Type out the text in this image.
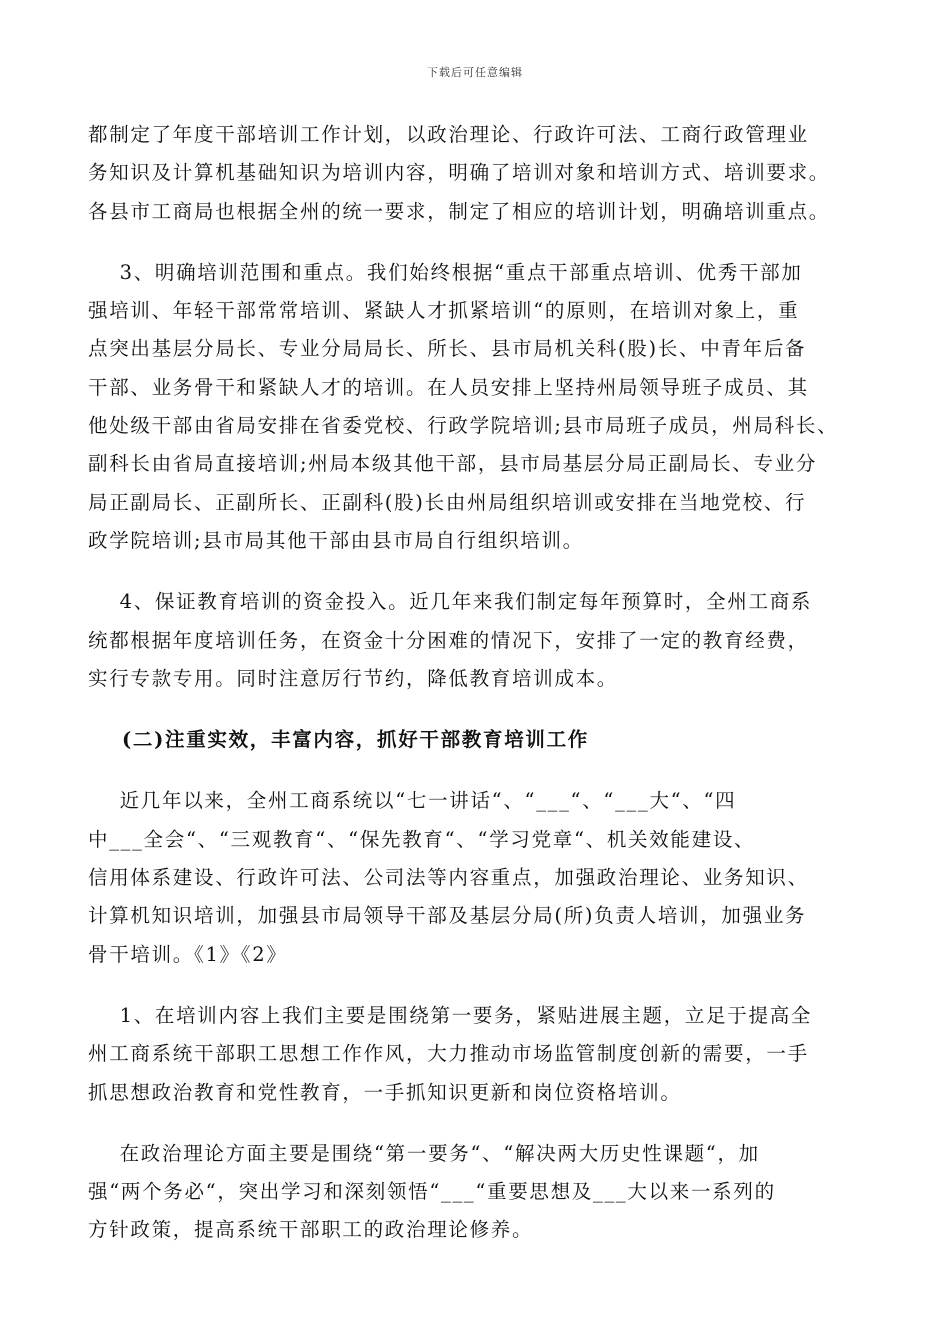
下载后可任意编辑

都制定了年度干部培训工作计划，以政治理论、行政许可法、工商行政管理业
务知识及计算机基础知识为培训内容，明确了培训对象和培训方式、培训要求。
各县市工商局也根据全州的统一要求，制定了相应的培训计划，明确培训重点。

3、明确培训范围和重点。我们始终根据“重点干部重点培训、优秀干部加
强培训、年轻干部常常培训、紧缺人才抓紧培训“的原则，在培训对象上，重
点突出基层分局长、专业分局局长、所长、县市局机关科(股)长、中青年后备
干部、业务骨干和紧缺人才的培训。在人员安排上坚持州局领导班子成员、其
他处级干部由省局安排在省委党校、行政学院培训;县市局班子成员，州局科长、
副科长由省局直接培训;州局本级其他干部，县市局基层分局正副局长、专业分
局正副局长、正副所长、正副科(股)长由州局组织培训或安排在当地党校、行
政学院培训;县市局其他干部由县市局自行组织培训。

4、保证教育培训的资金投入。近几年来我们制定每年预算时，全州工商系
统都根据年度培训任务，在资金十分困难的情况下，安排了一定的教育经费，
实行专款专用。同时注意厉行节约，降低教育培训成本。

(二)注重实效，丰富内容，抓好干部教育培训工作

近几年以来，全州工商系统以“七一讲话“、“___“、“___大“、“四
中___全会“、“三观教育“、“保先教育“、“学习党章“、机关效能建设、
信用体系建设、行政许可法、公司法等内容重点，加强政治理论、业务知识、
计算机知识培训，加强县市局领导干部及基层分局(所)负责人培训，加强业务
骨干培训。《1》《2》

1、在培训内容上我们主要是围绕第一要务，紧贴进展主题，立足于提高全
州工商系统干部职工思想工作作风，大力推动市场监管制度创新的需要，一手
抓思想政治教育和党性教育，一手抓知识更新和岗位资格培训。

在政治理论方面主要是围绕“第一要务“、“解决两大历史性课题“，加
强“两个务必“，突出学习和深刻领悟“___“重要思想及___大以来一系列的
方针政策，提高系统干部职工的政治理论修养。
